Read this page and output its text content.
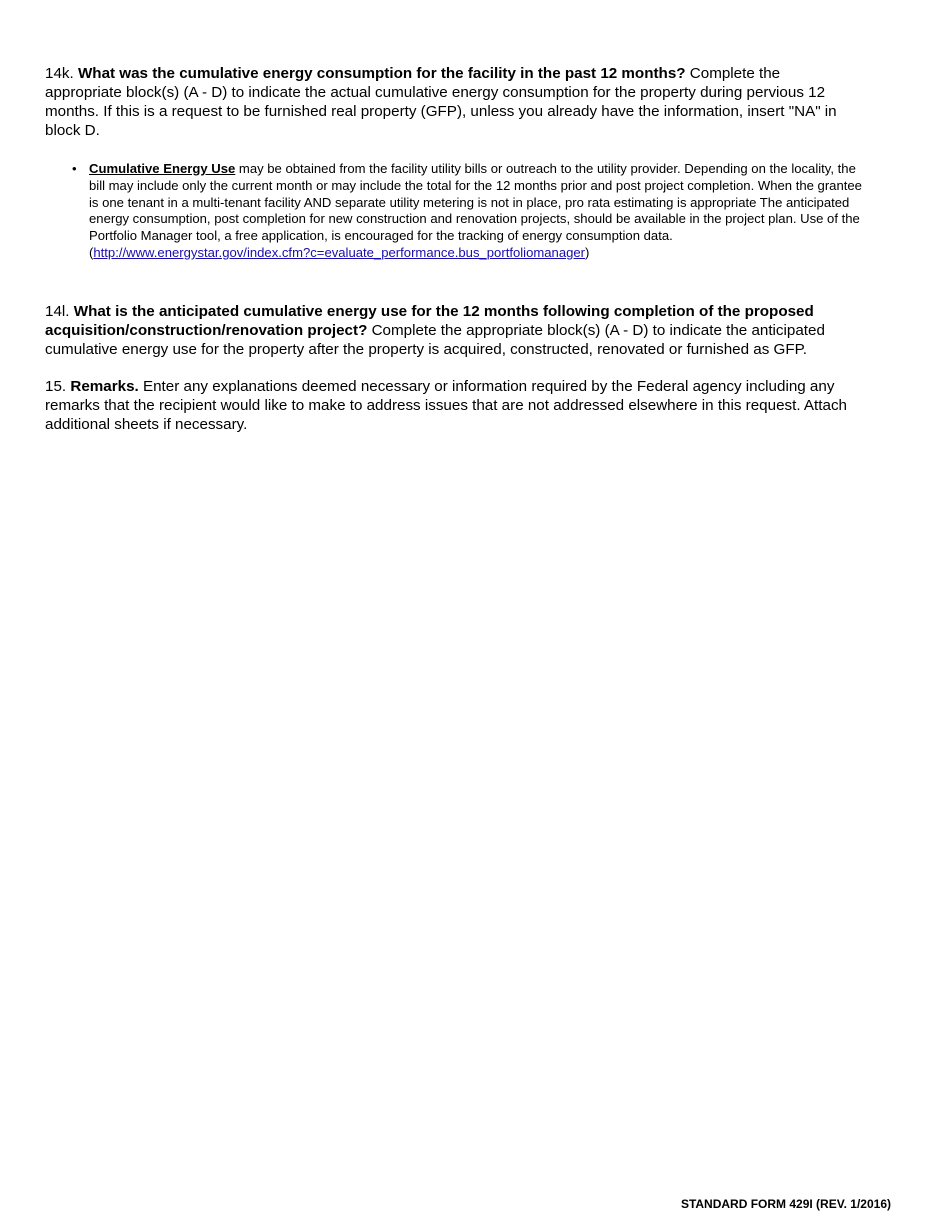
14k. What was the cumulative energy consumption for the facility in the past 12 months? Complete the appropriate block(s) (A - D) to indicate the actual cumulative energy consumption for the property during pervious 12 months. If this is a request to be furnished real property (GFP), unless you already have the information, insert "NA" in block D.
• Cumulative Energy Use may be obtained from the facility utility bills or outreach to the utility provider. Depending on the locality, the bill may include only the current month or may include the total for the 12 months prior and post project completion. When the grantee is one tenant in a multi-tenant facility AND separate utility metering is not in place, pro rata estimating is appropriate The anticipated energy consumption, post completion for new construction and renovation projects, should be available in the project plan. Use of the Portfolio Manager tool, a free application, is encouraged for the tracking of energy consumption data.
(http://www.energystar.gov/index.cfm?c=evaluate_performance.bus_portfoliomanager)
14l. What is the anticipated cumulative energy use for the 12 months following completion of the proposed acquisition/construction/renovation project? Complete the appropriate block(s) (A - D) to indicate the anticipated cumulative energy use for the property after the property is acquired, constructed, renovated or furnished as GFP.
15. Remarks. Enter any explanations deemed necessary or information required by the Federal agency including any remarks that the recipient would like to make to address issues that are not addressed elsewhere in this request. Attach additional sheets if necessary.
STANDARD FORM 429I (REV. 1/2016)
